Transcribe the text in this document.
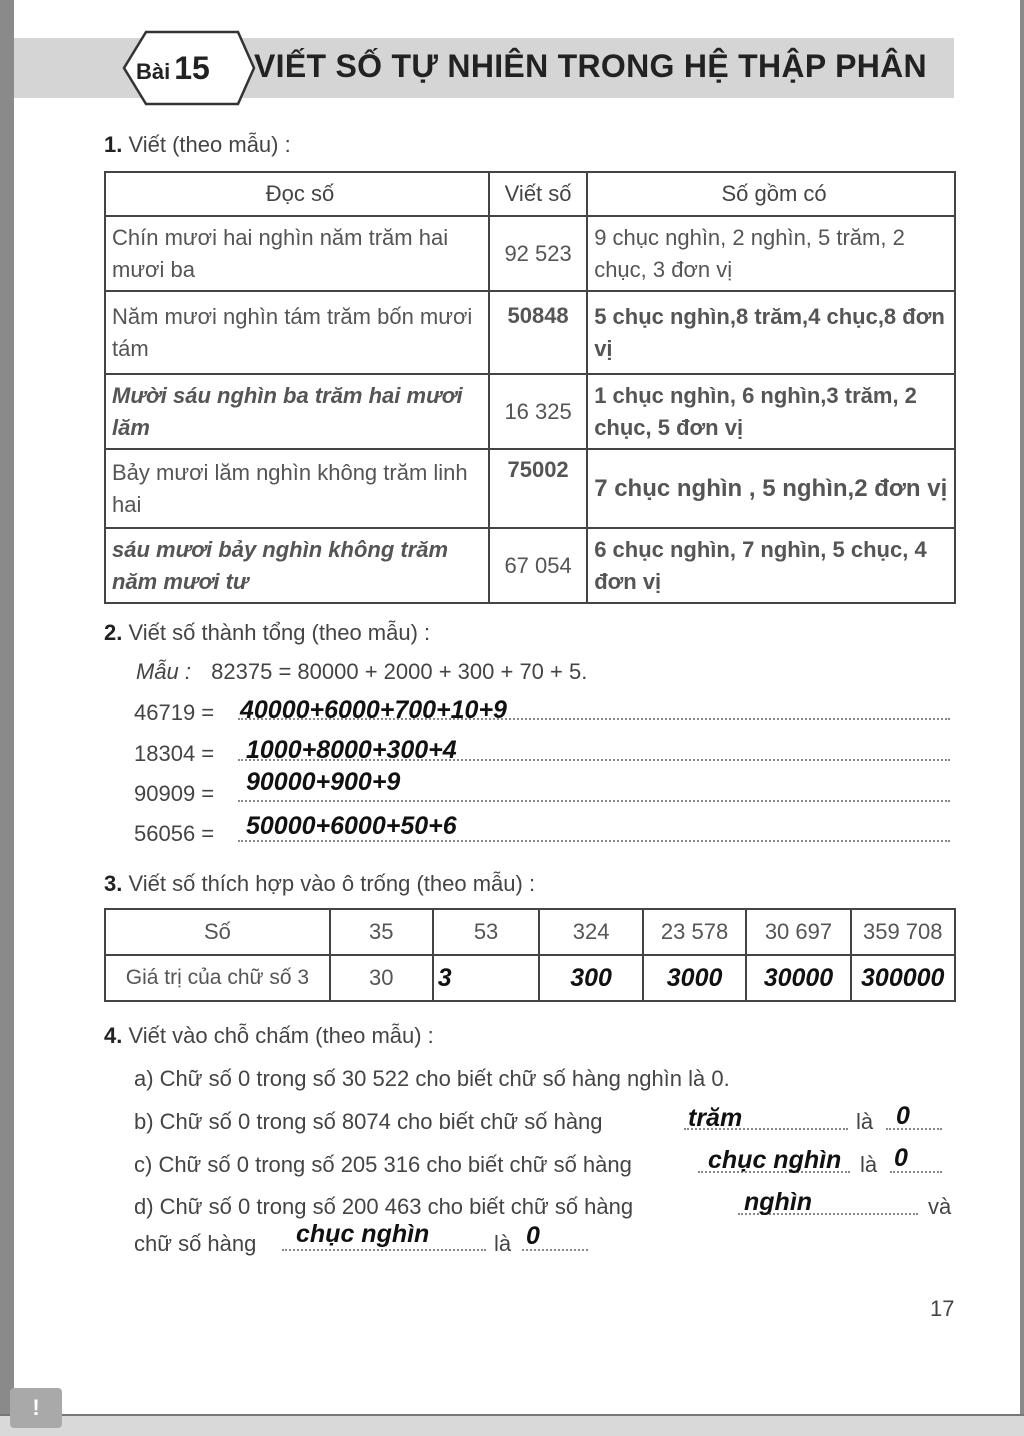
Bài 15 VIẾT SỐ TỰ NHIÊN TRONG HỆ THẬP PHÂN
1. Viết (theo mẫu) :
Đọc số	Viết số	Số gồm có
Chín mươi hai nghìn năm trăm hai mươi ba	92 523	9 chục nghìn, 2 nghìn, 5 trăm, 2 chục, 3 đơn vị
Năm mươi nghìn tám trăm bốn mươi tám	50848	5 chục nghìn,8 trăm,4 chục,8 đơn vị
Mười sáu nghìn ba trăm hai mươi lăm	16 325	1 chục nghìn, 6 nghìn,3 trăm, 2 chục, 5 đơn vị
Bảy mươi lăm nghìn không trăm linh hai	75002	7 chục nghìn , 5 nghìn,2 đơn vị
sáu mươi bảy nghìn không trăm năm mươi tư	67 054	6 chục nghìn, 7 nghìn, 5 chục, 4 đơn vị
2. Viết số thành tổng (theo mẫu) :
Mẫu : 82375 = 80000 + 2000 + 300 + 70 + 5.
46719 = 40000+6000+700+10+9
18304 = 1000+8000+300+4
90909 = 90000+900+9
56056 = 50000+6000+50+6
3. Viết số thích hợp vào ô trống (theo mẫu) :
Số	35	53	324	23 578	30 697	359 708
Giá trị của chữ số 3	30	3	300	3000	30000	300000
4. Viết vào chỗ chấm (theo mẫu) :
a) Chữ số 0 trong số 30 522 cho biết chữ số hàng nghìn là 0.
b) Chữ số 0 trong số 8074 cho biết chữ số hàng	trăm	là 0
c) Chữ số 0 trong số 205 316 cho biết chữ số hàng	chục nghìn là 0
d) Chữ số 0 trong số 200 463 cho biết chữ số hàng	nghìn	và
chữ số hàng chục nghìn	là 0
17
!
